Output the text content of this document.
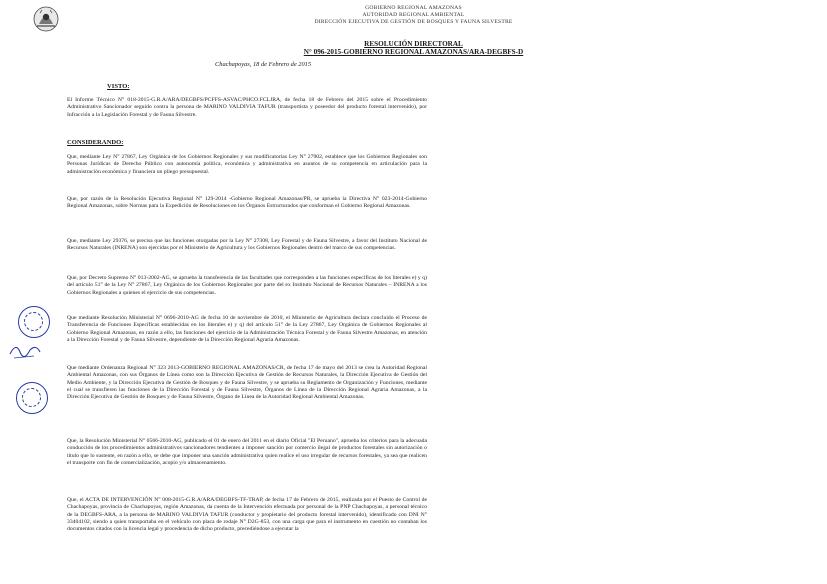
GOBIERNO REGIONAL AMAZONAS
AUTORIDAD REGIONAL AMBIENTAL
DIRECCIÓN EJECUTIVA DE GESTIÓN DE BOSQUES Y FAUNA SILVESTRE
RESOLUCIÓN DIRECTORAL
N° 096-2015-GOBIERNO REGIONAL AMAZONAS/ARA-DEGBFS-D
Chachapoyas, 18 de Febrero de 2015
VISTO:
El Informe Técnico N° 018-2015-G.R.A/ARA/DEGBFS/PCFFS-ASVAC/PHCO.FCLJRA, de fecha 18 de Febrero del 2015 sobre el Procedimiento Administrativo Sancionador seguido contra la persona de MARINO VALDIVIA TAFUR (transportista y poseedor del producto forestal intervenido), por Infracción a la Legislación Forestal y de Fauna Silvestre.
CONSIDERANDO:
Que, mediante Ley N° 27867, Ley Orgánica de los Gobiernos Regionales y sus modificatorias Ley N° 27902, establece que los Gobiernos Regionales son Personas Jurídicas de Derecho Público con autonomía política, económica y administrativa en asuntos de su competencia en articulación para la administración económica y financiera un pliego presupuestal.
Que, por razón de la Resolución Ejecutiva Regional N° 129-2014 -Gobierno Regional Amazonas/PR, se aprueba la Directiva N° 023-2014-Gobierno Regional Amazonas, sobre Normas para la Expedición de Resoluciones en los Órganos Estructurados que conforman el Gobierno Regional Amazonas.
Que, mediante Ley 29376, se precisa que las funciones otorgadas por la Ley N° 27308, Ley Forestal y de Fauna Silvestre, a favor del Instituto Nacional de Recursos Naturales (INRENA) son ejercidas por el Ministerio de Agricultura y los Gobiernos Regionales dentro del marco de sus competencias.
Que, por Decreto Supremo N° 013-2002-AG, se aprueba la transferencia de las facultades que corresponden a las funciones específicas de los literales e) y q) del artículo 51° de la Ley N° 27867, Ley Orgánica de los Gobiernos Regionales por parte del ex Instituto Nacional de Recursos Naturales – INRENA a los Gobiernos Regionales a quienes el ejercicio de sus competencias.
Que mediante Resolución Ministerial N° 0696-2010-AG de fecha 10 de noviembre de 2010, el Ministerio de Agricultura declara concluido el Proceso de Transferencia de Funciones Específicas establecidas en los literales e) y q) del artículo 51° de la Ley 27867, Ley Orgánica de Gobiernos Regionales al Gobierno Regional Amazonas, en razón a ello, las funciones del ejercicio de la Administración Técnica Forestal y de Fauna Silvestre Amazonas, en atención a la Dirección Forestal y de Fauna Silvestre, dependiente de la Dirección Regional Agraria Amazonas.
Que mediante Ordenanza Regional N° 323 2013-GOBIERNO REGIONAL AMAZONAS/CR, de fecha 17 de mayo del 2013 se crea la Autoridad Regional Ambiental Amazonas, con sus Órganos de Línea como son la Dirección Ejecutiva de Gestión de Recursos Naturales, la Dirección Ejecutiva de Gestión del Medio Ambiente, y la Dirección Ejecutiva de Gestión de Bosques y de Fauna Silvestre, y se aprueba su Reglamento de Organización y Funciones, mediante el cual se transfieren las funciones de la Dirección Forestal y de Fauna Silvestre, Órganos de Línea de la Dirección Regional Agraria Amazonas, a la Dirección Ejecutiva de Gestión de Bosques y de Fauna Silvestre, Órgano de Línea de la Autoridad Regional Ambiental Amazonas.
Que, la Resolución Ministerial N° 0566-2010-AG, publicado el 01 de enero del 2011 en el diario Oficial "El Peruano", aprueba los criterios para la adecuada conducción de los procedimientos administrativos sancionadores tendientes a imponer sanción por comercio ilegal de productos forestales sin autorización o título que lo sustente, en razón a ello, se debe que imponer una sanción administrativa quien realice el uso irregular de recursos forestales, ya sea que realicen el transporte con fin de comercialización, acopio y/o almacenamiento.
Que, el ACTA DE INTERVENCIÓN N° 008-2015-G.R.A/ARA/DEGBFS-TF-TRAP, de fecha 17 de Febrero de 2015, realizada por el Puesto de Control de Chachapoyas, provincia de Chachapoyas, región Amazonas, da cuenta de la Intervención efectuada por personal de la PNP Chachapoyas, a personal técnico de la DEGBFS-ARA, a la persona de MARINO VALDIVIA TAFUR (conductor y propietario del producto forestal intervenido), identificado con DNI N° 33404102, siendo a quien transportaba en el vehículo con placa de rodaje N° D2G-853, con una carga que para el instrumento en cuestión no contaban los documentos citados con la licencia legal y procedencia de dicho producto, precediéndose a ejecutar la
